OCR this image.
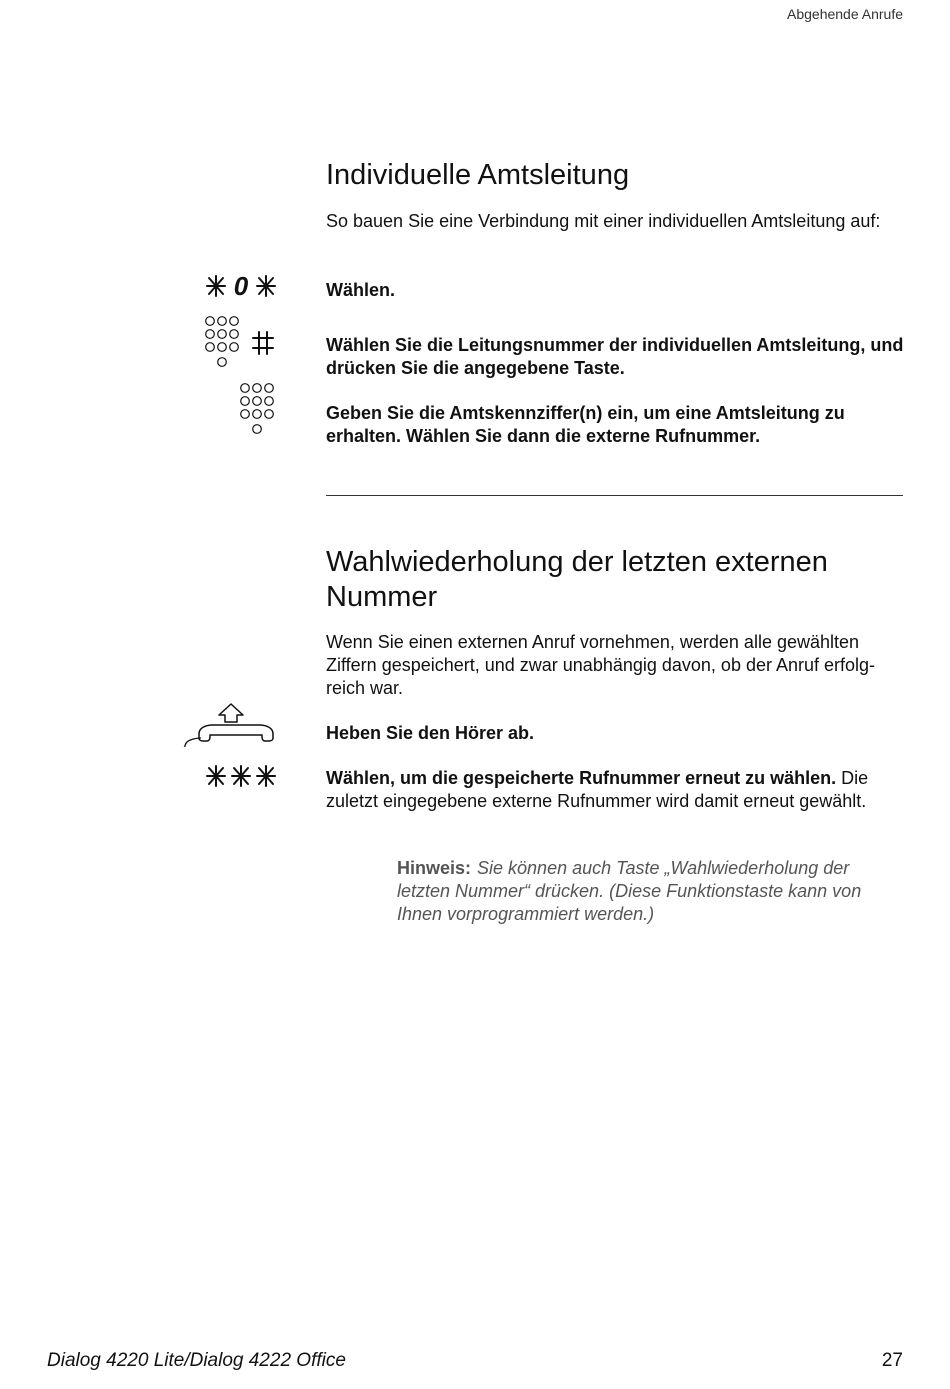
Abgehende Anrufe
Individuelle Amtsleitung

So bauen Sie eine Verbindung mit einer individuellen Amtsleitung auf:

0	Wählen.

Wählen Sie die Leitungsnummer der individuellen Amtsleitung, und drücken Sie die angegebene Taste.

Geben Sie die Amtskennziffer(n) ein, um eine Amtsleitung zu erhalten. Wählen Sie dann die externe Rufnummer.

Wahlwiederholung der letzten externen Nummer

Wenn Sie einen externen Anruf vornehmen, werden alle gewählten Ziffern gespeichert, und zwar unabhängig davon, ob der Anruf erfolgreich war.

Heben Sie den Hörer ab.

Wählen, um die gespeicherte Rufnummer erneut zu wählen. Die zuletzt eingegebene externe Rufnummer wird damit erneut gewählt.
Hinweis: Sie können auch Taste „Wahlwiederholung der letzten Nummer“ drücken. (Diese Funktionstaste kann von Ihnen vorprogrammiert werden.)
Dialog 4220 Lite/Dialog 4222 Office	27
